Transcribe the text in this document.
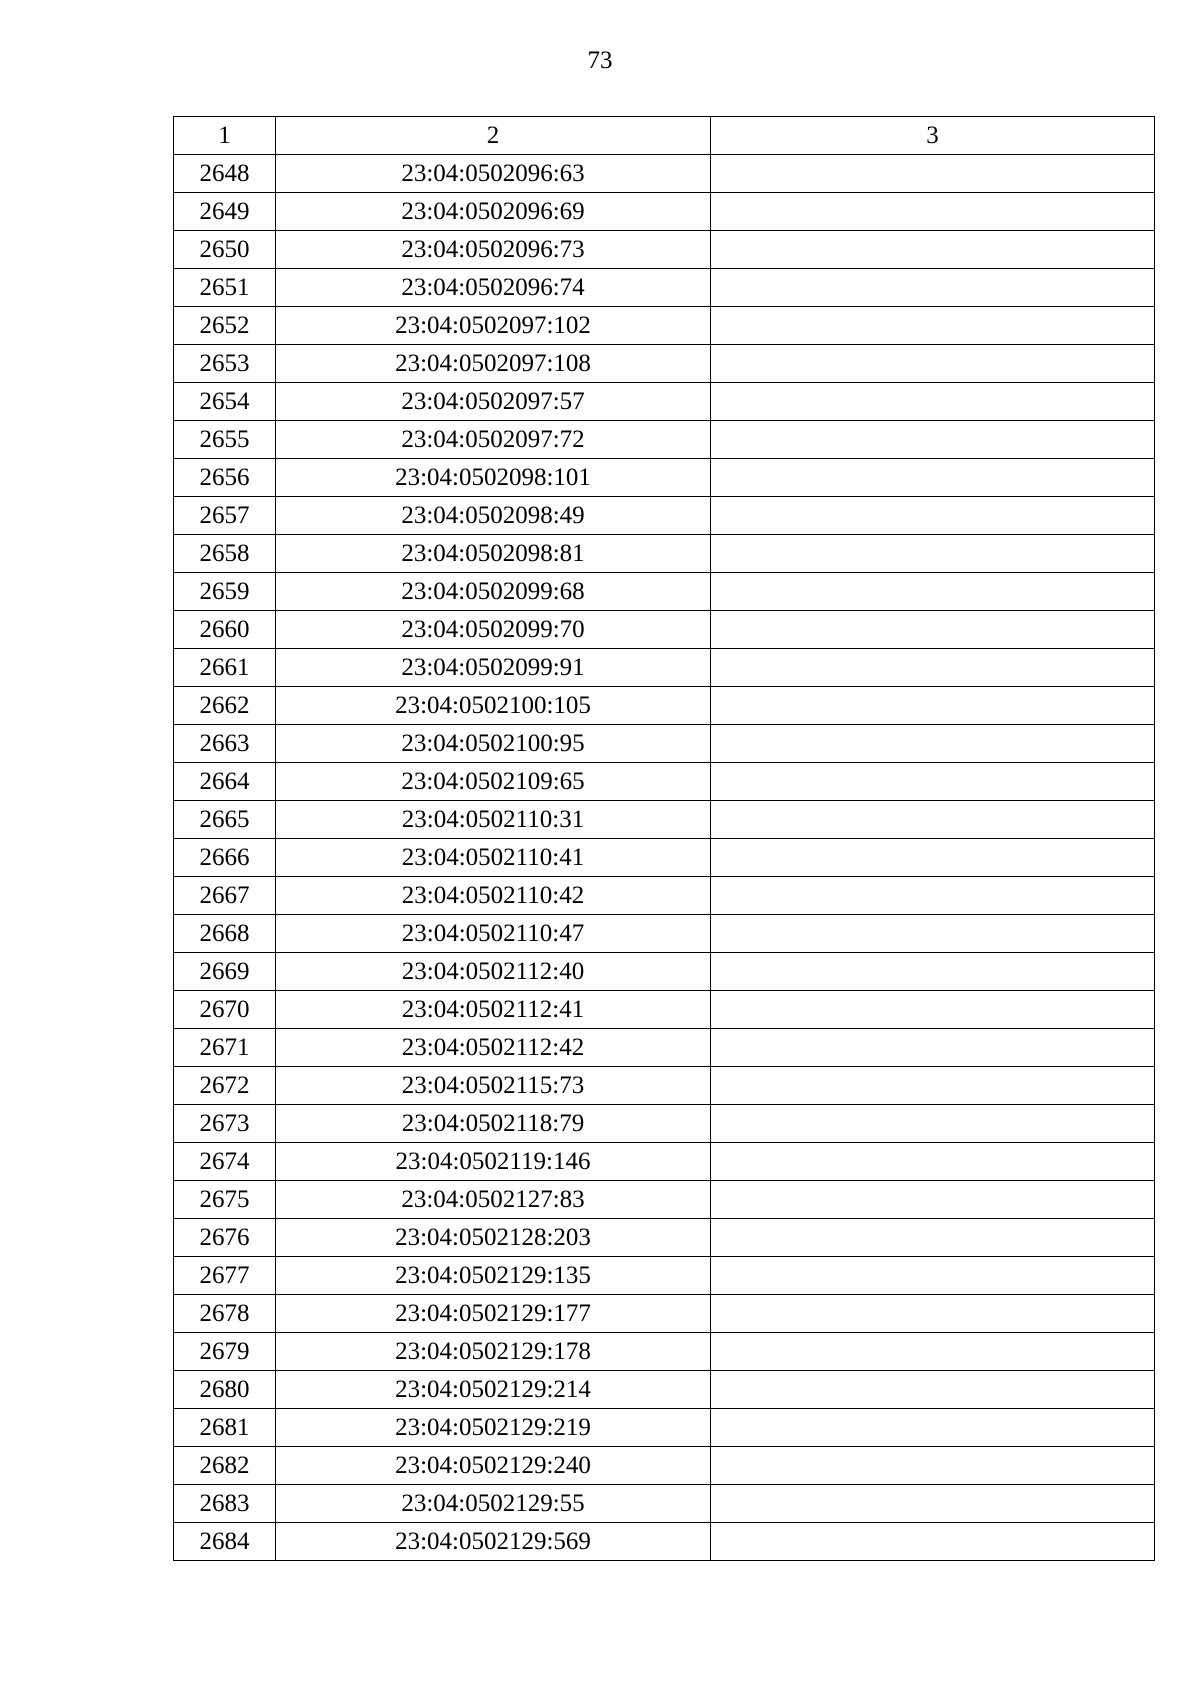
73
1	2	3
2648	23:04:0502096:63	
2649	23:04:0502096:69	
2650	23:04:0502096:73	
2651	23:04:0502096:74	
2652	23:04:0502097:102	
2653	23:04:0502097:108	
2654	23:04:0502097:57	
2655	23:04:0502097:72	
2656	23:04:0502098:101	
2657	23:04:0502098:49	
2658	23:04:0502098:81	
2659	23:04:0502099:68	
2660	23:04:0502099:70	
2661	23:04:0502099:91	
2662	23:04:0502100:105	
2663	23:04:0502100:95	
2664	23:04:0502109:65	
2665	23:04:0502110:31	
2666	23:04:0502110:41	
2667	23:04:0502110:42	
2668	23:04:0502110:47	
2669	23:04:0502112:40	
2670	23:04:0502112:41	
2671	23:04:0502112:42	
2672	23:04:0502115:73	
2673	23:04:0502118:79	
2674	23:04:0502119:146	
2675	23:04:0502127:83	
2676	23:04:0502128:203	
2677	23:04:0502129:135	
2678	23:04:0502129:177	
2679	23:04:0502129:178	
2680	23:04:0502129:214	
2681	23:04:0502129:219	
2682	23:04:0502129:240	
2683	23:04:0502129:55	
2684	23:04:0502129:569	
